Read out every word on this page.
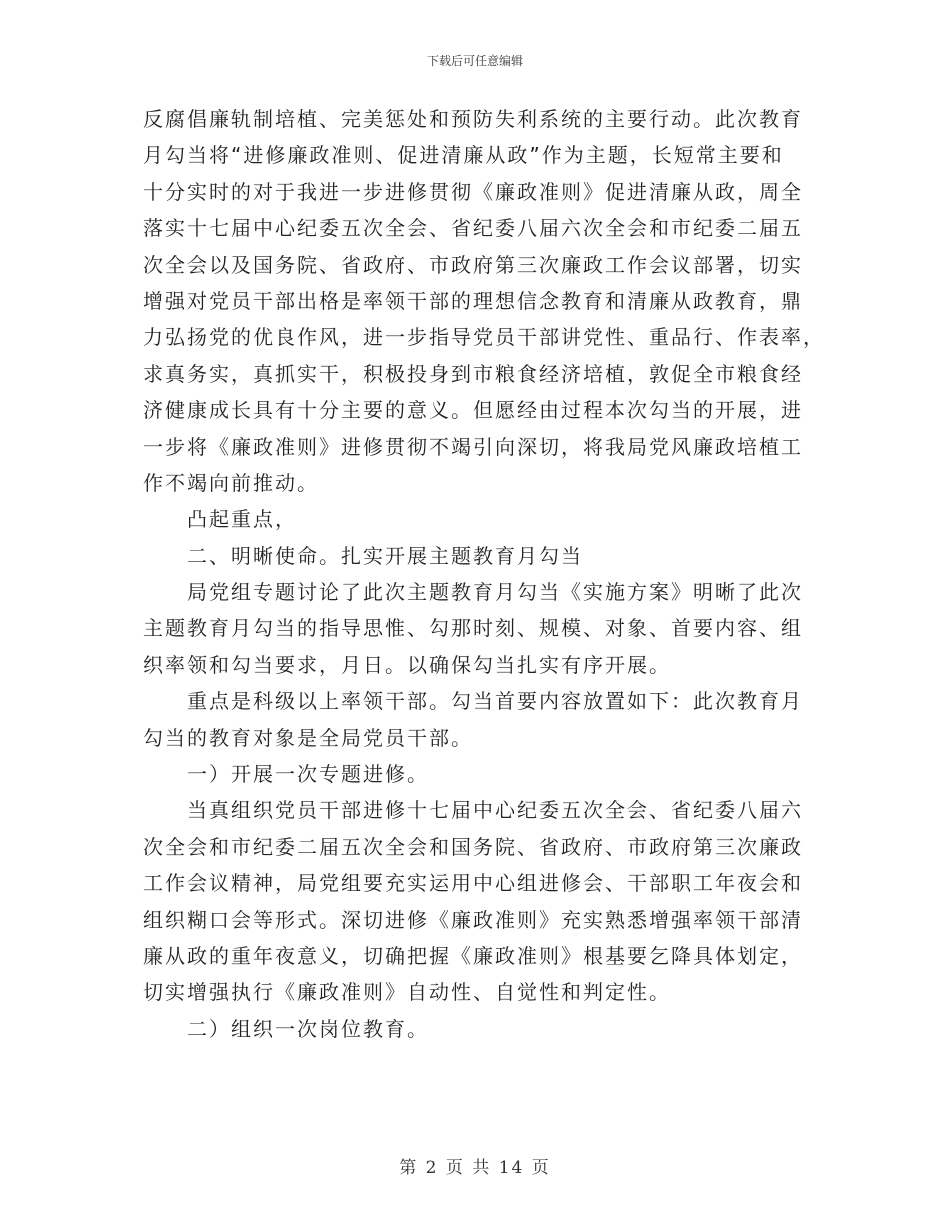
下载后可任意编辑
反腐倡廉轨制培植、完美惩处和预防失利系统的主要行动。此次教育
月勾当将“进修廉政准则、促进清廉从政”作为主题，长短常主要和
十分实时的对于我进一步进修贯彻《廉政准则》促进清廉从政，周全
落实十七届中心纪委五次全会、省纪委八届六次全会和市纪委二届五
次全会以及国务院、省政府、市政府第三次廉政工作会议部署，切实
增强对党员干部出格是率领干部的理想信念教育和清廉从政教育，鼎
力弘扬党的优良作风，进一步指导党员干部讲党性、重品行、作表率，
求真务实，真抓实干，积极投身到市粮食经济培植，敦促全市粮食经
济健康成长具有十分主要的意义。但愿经由过程本次勾当的开展，进
一步将《廉政准则》进修贯彻不竭引向深切，将我局党风廉政培植工
作不竭向前推动。
凸起重点，
二、明晰使命。扎实开展主题教育月勾当
局党组专题讨论了此次主题教育月勾当《实施方案》明晰了此次
主题教育月勾当的指导思惟、勾那时刻、规模、对象、首要内容、组
织率领和勾当要求，月日。以确保勾当扎实有序开展。
重点是科级以上率领干部。勾当首要内容放置如下：此次教育月
勾当的教育对象是全局党员干部。
一）开展一次专题进修。
当真组织党员干部进修十七届中心纪委五次全会、省纪委八届六
次全会和市纪委二届五次全会和国务院、省政府、市政府第三次廉政
工作会议精神，局党组要充实运用中心组进修会、干部职工年夜会和
组织糊口会等形式。深切进修《廉政准则》充实熟悉增强率领干部清
廉从政的重年夜意义，切确把握《廉政准则》根基要乞降具体划定，
切实增强执行《廉政准则》自动性、自觉性和判定性。
二）组织一次岗位教育。
第 2 页 共 14 页
